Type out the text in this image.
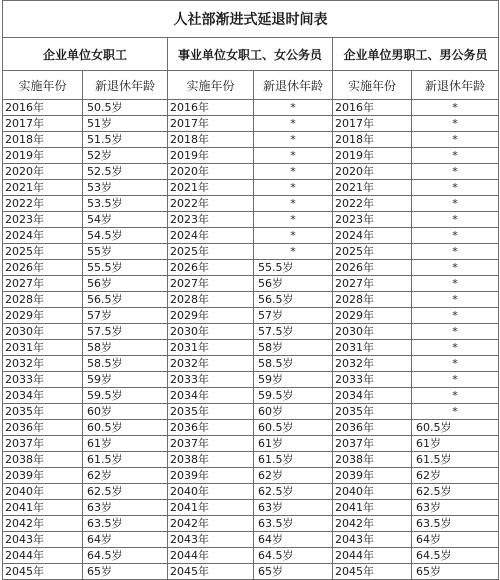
人社部渐进式延退时间表					
企业单位女职工		事业单位女职工、女公务员		企业单位男职工、男公务员	
实施年份	新退休年龄	实施年份	新退休年龄	实施年份	新退休年龄
2016年	50.5岁	2016年	*	2016年	*
2017年	51岁	2017年	*	2017年	*
2018年	51.5岁	2018年	*	2018年	*
2019年	52岁	2019年	*	2019年	*
2020年	52.5岁	2020年	*	2020年	*
2021年	53岁	2021年	*	2021年	*
2022年	53.5岁	2022年	*	2022年	*
2023年	54岁	2023年	*	2023年	*
2024年	54.5岁	2024年	*	2024年	*
2025年	55岁	2025年	*	2025年	*
2026年	55.5岁	2026年	55.5岁	2026年	*
2027年	56岁	2027年	56岁	2027年	*
2028年	56.5岁	2028年	56.5岁	2028年	*
2029年	57岁	2029年	57岁	2029年	*
2030年	57.5岁	2030年	57.5岁	2030年	*
2031年	58岁	2031年	58岁	2031年	*
2032年	58.5岁	2032年	58.5岁	2032年	*
2033年	59岁	2033年	59岁	2033年	*
2034年	59.5岁	2034年	59.5岁	2034年	*
2035年	60岁	2035年	60岁	2035年	*
2036年	60.5岁	2036年	60.5岁	2036年	60.5岁
2037年	61岁	2037年	61岁	2037年	61岁
2038年	61.5岁	2038年	61.5岁	2038年	61.5岁
2039年	62岁	2039年	62岁	2039年	62岁
2040年	62.5岁	2040年	62.5岁	2040年	62.5岁
2041年	63岁	2041年	63岁	2041年	63岁
2042年	63.5岁	2042年	63.5岁	2042年	63.5岁
2043年	64岁	2043年	64岁	2043年	64岁
2044年	64.5岁	2044年	64.5岁	2044年	64.5岁
2045年	65岁	2045年	65岁	2045年	65岁
